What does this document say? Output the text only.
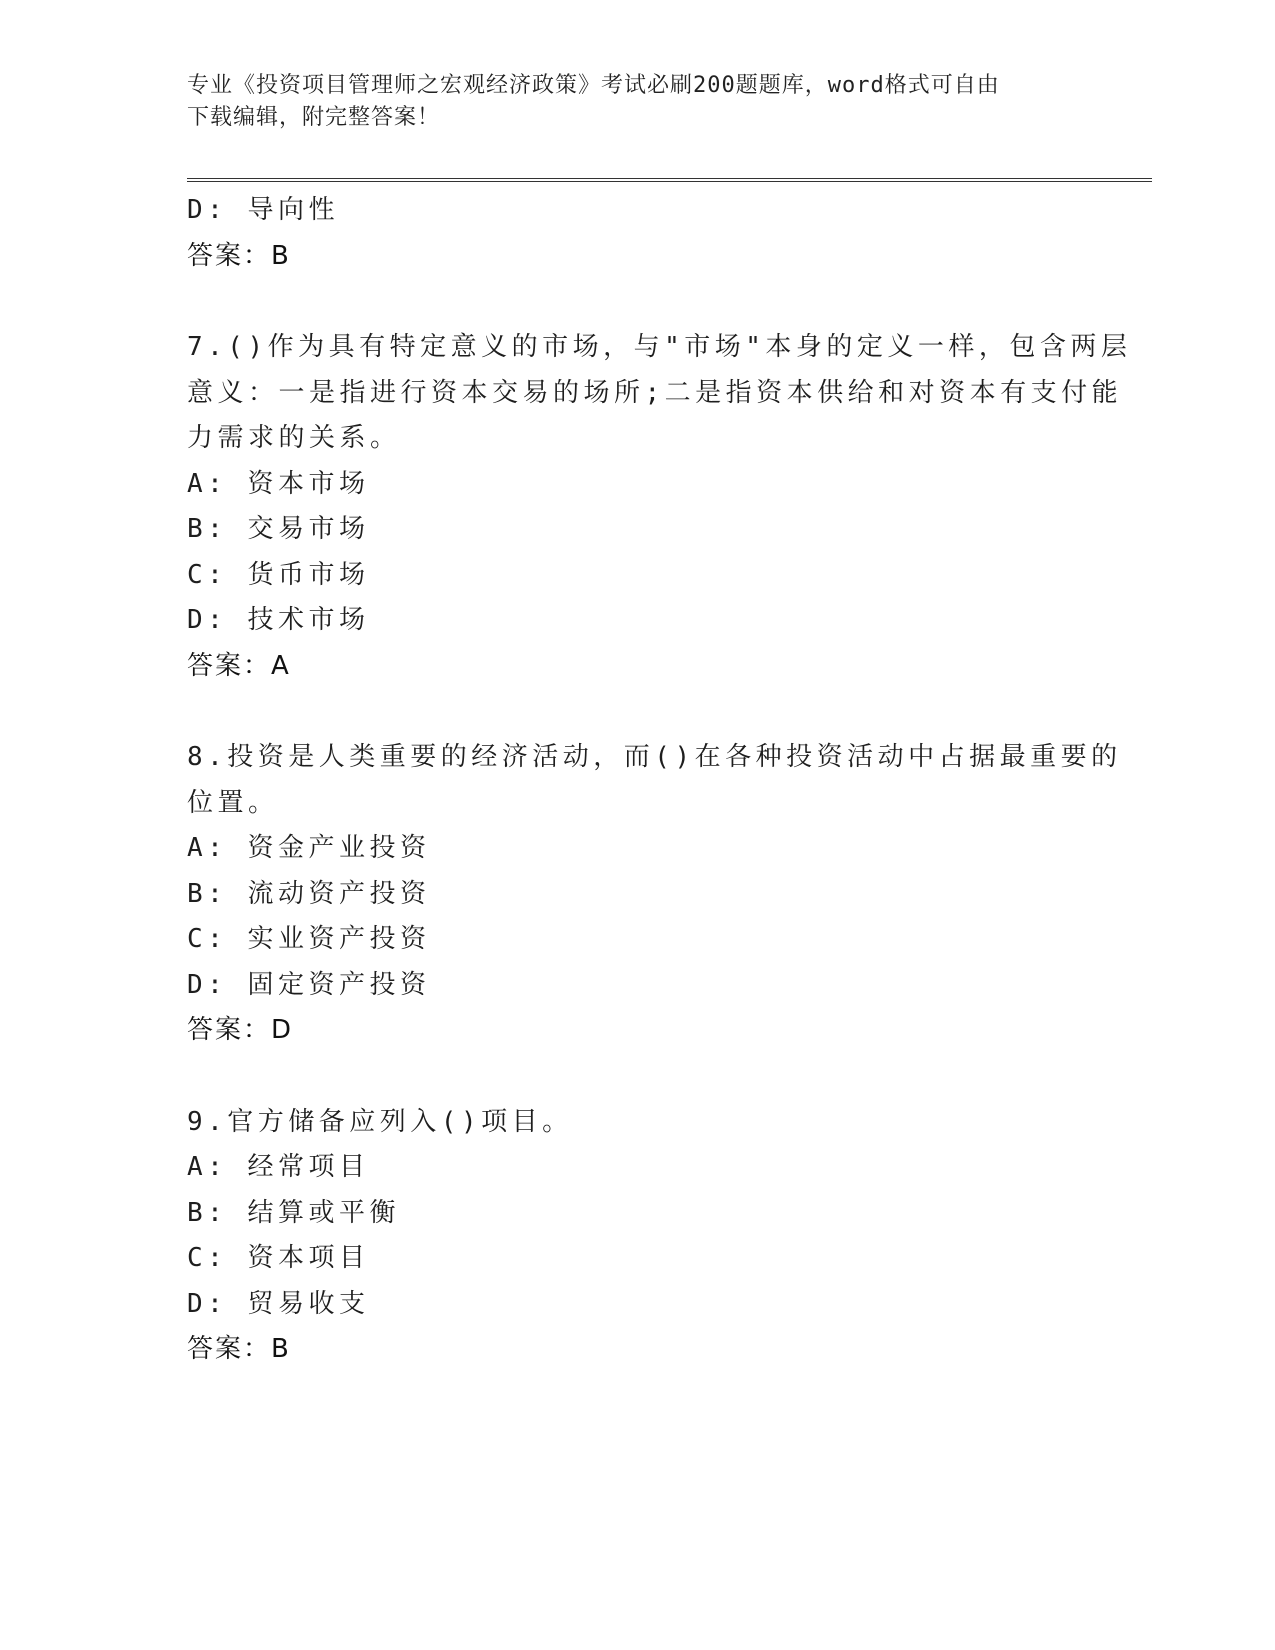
专业《投资项目管理师之宏观经济政策》考试必刷200题题库，word格式可自由
下载编辑，附完整答案！
D: 导向性
答案：B
7.()作为具有特定意义的市场，与"市场"本身的定义一样，包含两层
意义：一是指进行资本交易的场所;二是指资本供给和对资本有支付能
力需求的关系。
A: 资本市场
B: 交易市场
C: 货币市场
D: 技术市场
答案：A
8.投资是人类重要的经济活动，而()在各种投资活动中占据最重要的
位置。
A: 资金产业投资
B: 流动资产投资
C: 实业资产投资
D: 固定资产投资
答案：D
9.官方储备应列入()项目。
A: 经常项目
B: 结算或平衡
C: 资本项目
D: 贸易收支
答案：B
